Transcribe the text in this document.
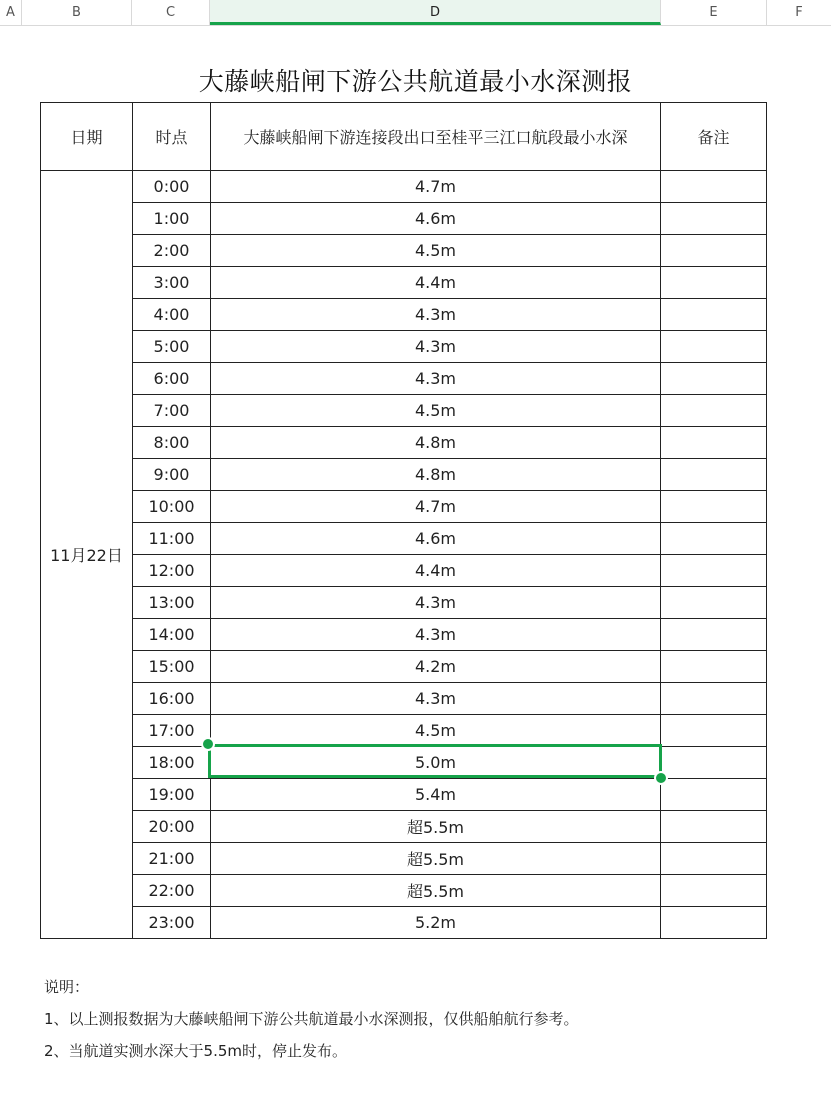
A	B	C	D	E	F
大藤峡船闸下游公共航道最小水深测报
日期	时点	大藤峡船闸下游连接段出口至桂平三江口航段最小水深	备注
11月22日	0:00	4.7m	
	1:00	4.6m	
	2:00	4.5m	
	3:00	4.4m	
	4:00	4.3m	
	5:00	4.3m	
	6:00	4.3m	
	7:00	4.5m	
	8:00	4.8m	
	9:00	4.8m	
	10:00	4.7m	
	11:00	4.6m	
	12:00	4.4m	
	13:00	4.3m	
	14:00	4.3m	
	15:00	4.2m	
	16:00	4.3m	
	17:00	4.5m	
	18:00	5.0m	
	19:00	5.4m	
	20:00	超5.5m	
	21:00	超5.5m	
	22:00	超5.5m	
	23:00	5.2m	
说明：
1、以上测报数据为大藤峡船闸下游公共航道最小水深测报，仅供船舶航行参考。
2、当航道实测水深大于5.5m时，停止发布。
